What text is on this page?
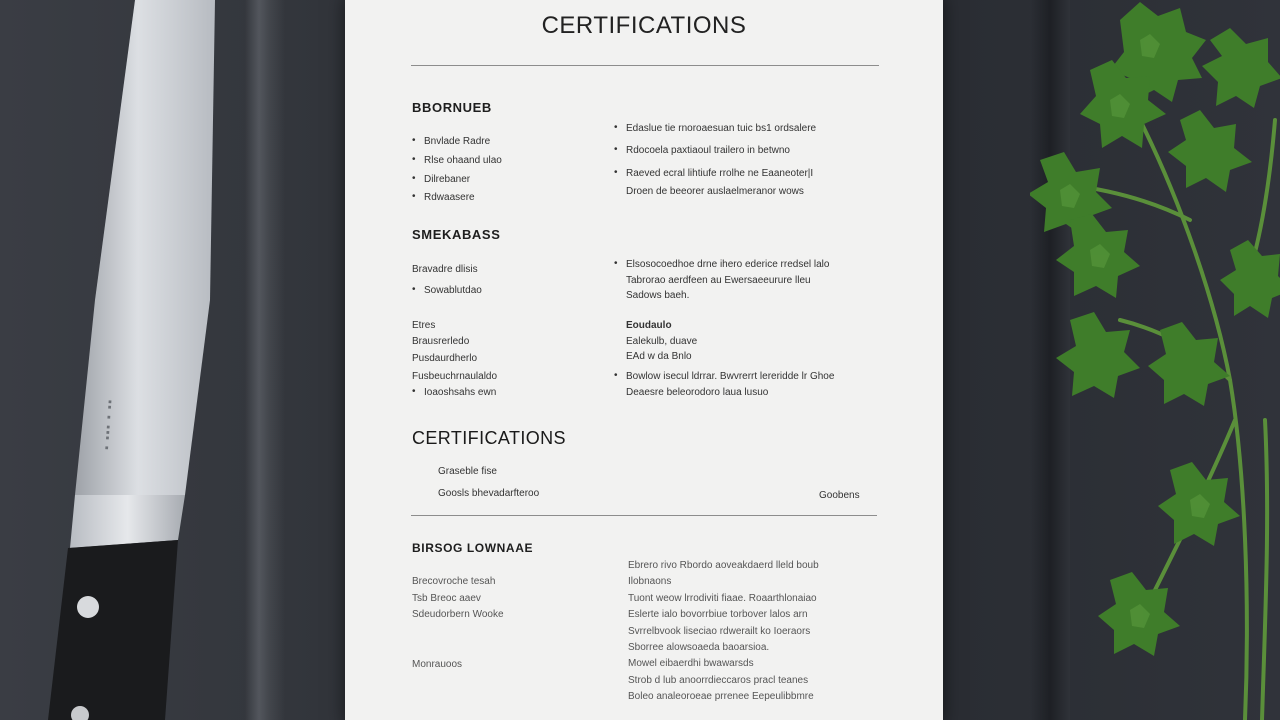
▪ ▪▪▪ ▪ ▪▪
CERTIFICATIONS
BBORNUEB
• Bnvlade Radre
• Rlse ohaand ulao
• Dilrebaner
• Rdwaasere
SMEKABASS
Bravadre dlisis
• Sowablutdao
Etres
Brausrerledo
Pusdaurdherlo
Fusbeuchrnaulaldo
• Ioaoshsahs ewn
• Edaslue tie rnoroaesuan tuic bs1 ordsalere
• Rdocoela paxtiaoul trailero in betwno
• Raeved ecral lihtiufe rrolhe ne Eaaneoter|I
Droen de beeorer auslaelmeranor wows
• Elsosocoedhoe drne ihero ederice rredsel lalo
Tabrorao aerdfeen au Ewersaeeurure lleu
Sadows baeh.
Eoudaulo
Ealekulb, duave
EAd w da Bnlo
• Bowlow isecul ldrrar. Bwvrerrt lereridde lr Ghoe
Deaesre beleorodoro laua lusuo
CERTIFICATIONS
Graseble fise
Goosls bhevadarfteroo	Goobens
BIRSOG LOWNAAE
Brecovroche tesah
Tsb Breoc aaev
Sdeudorbern Wooke
Monrauoos
Ebrero rivo Rbordo aoveakdaerd lleld boub
Ilobnaons
Tuont weow lrrodiviti fiaae. Roaarthlonaiao
Eslerte ialo bovorrbiue torbover lalos arn
Svrrelbvook liseciao rdwerailt ko Ioeraors
Sborree alowsoaeda baoarsioa.
Mowel eibaerdhi bwawarsds
Strob d lub anoorrdieccaros pracl teanes
Boleo analeoroeae prrenee Eepeulibbmre
